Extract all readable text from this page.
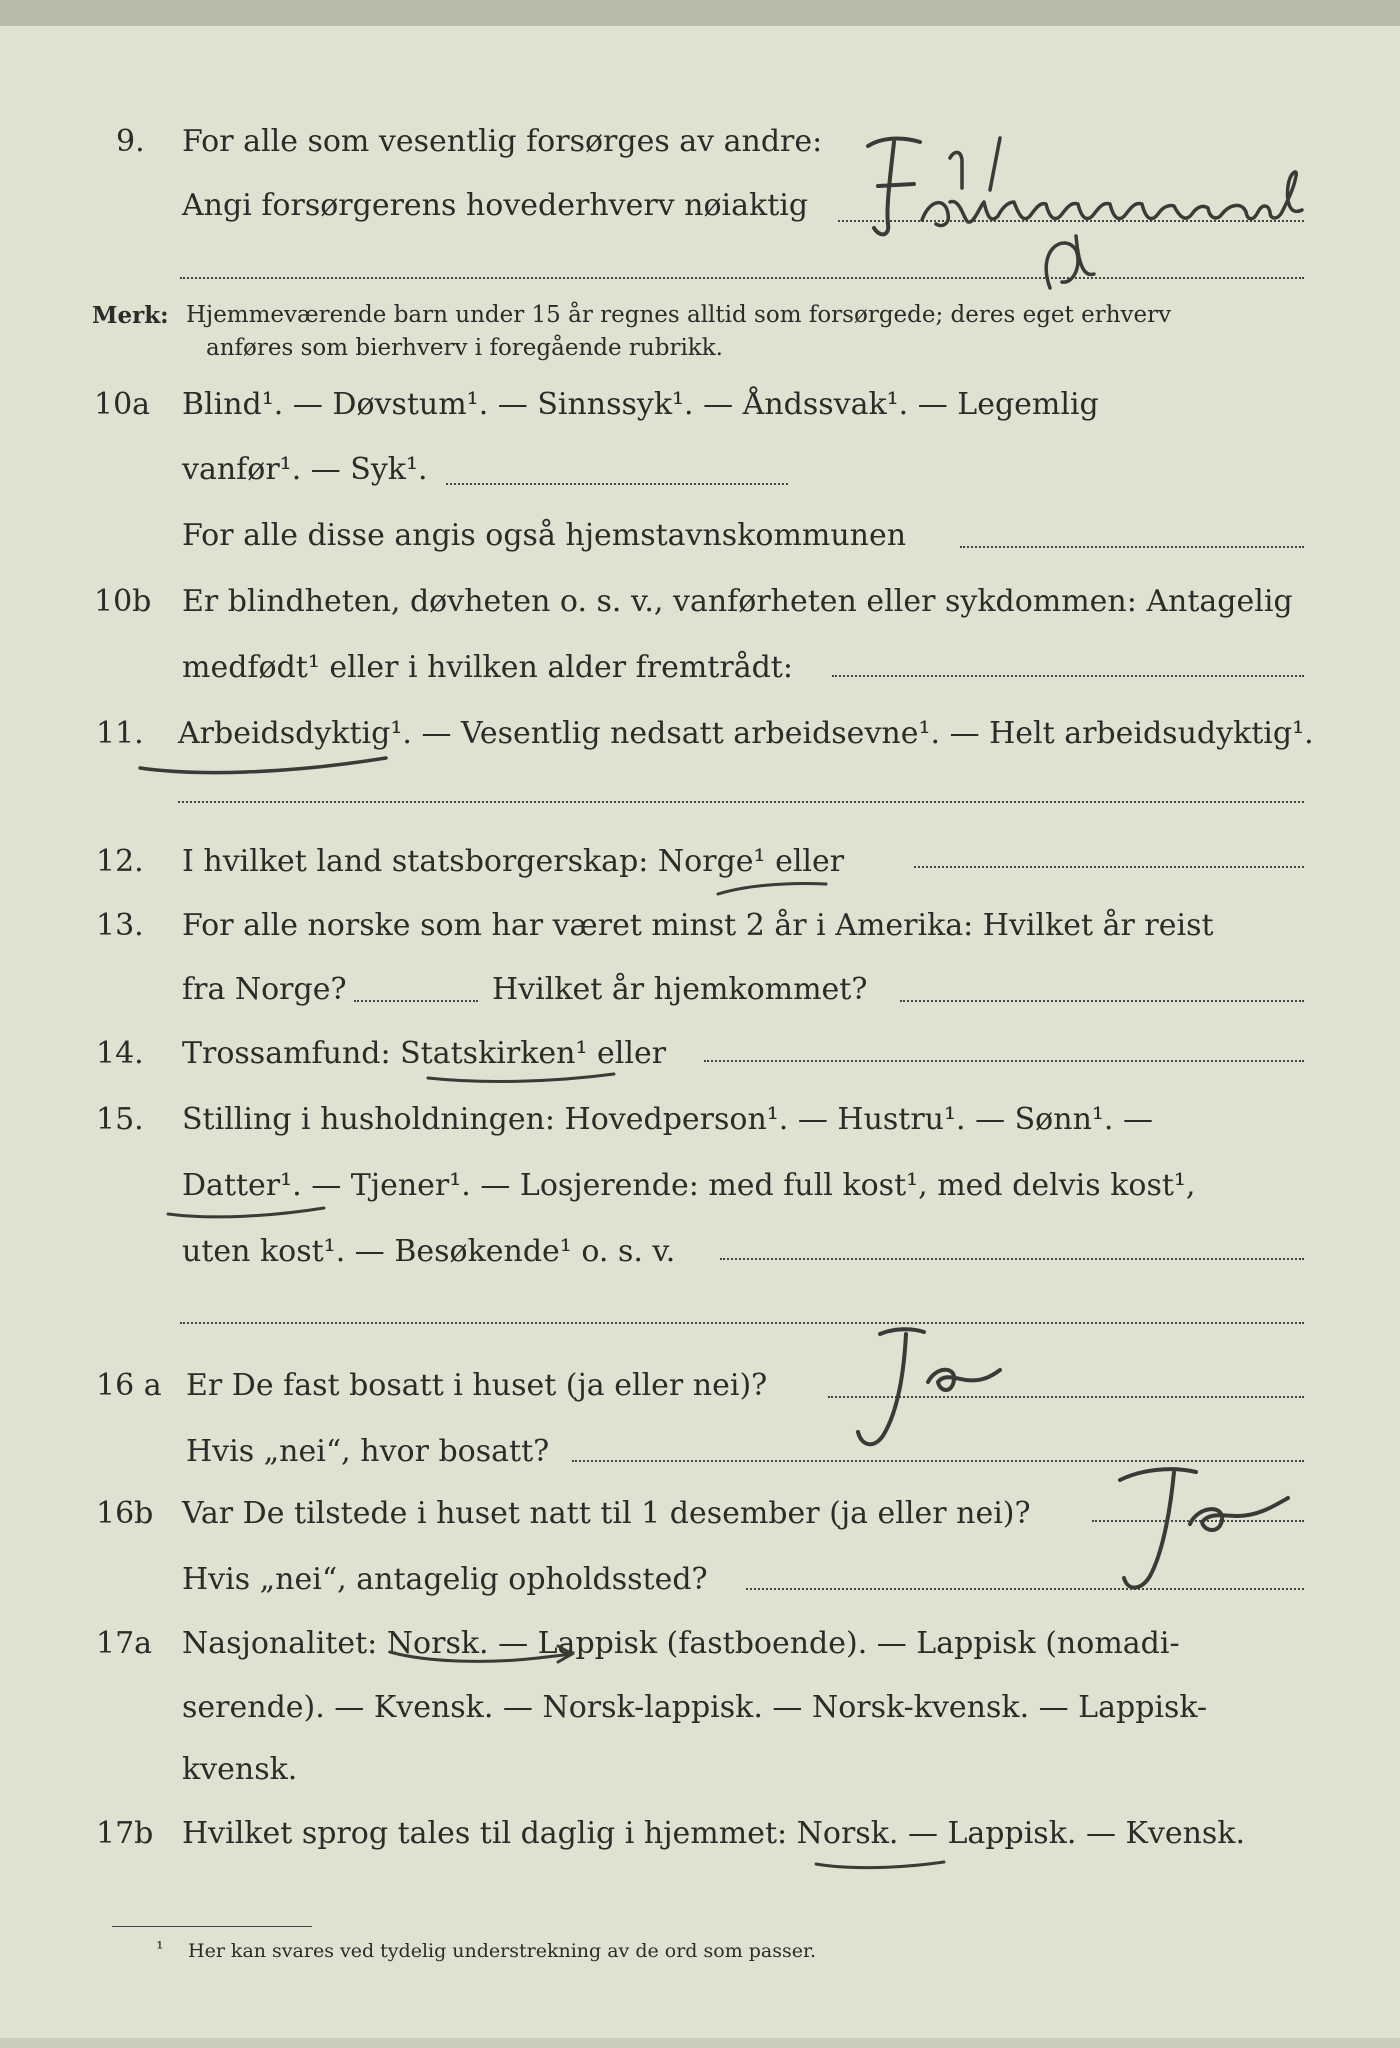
9. For alle som vesentlig forsørges av andre:
Angi forsørgerens hovederhverv nøiaktig
Tømmermand
Merk: Hjemmeværende barn under 15 år regnes alltid som forsørgede; deres eget erhverv
anføres som bierhverv i foregående rubrikk.
10a Blind¹. — Døvstum¹. — Sinnssyk¹. — Åndssvak¹. — Legemlig
vanfør¹. — Syk¹.
For alle disse angis også hjemstavnskommunen
10b Er blindheten, døvheten o. s. v., vanførheten eller sykdommen: Antagelig
medfødt¹ eller i hvilken alder fremtrådt:
11. Arbeidsdyktig¹. — Vesentlig nedsatt arbeidsevne¹. — Helt arbeidsudyktig¹.
12. I hvilket land statsborgerskap: Norge¹ eller
13. For alle norske som har været minst 2 år i Amerika: Hvilket år reist
fra Norge?	Hvilket år hjemkommet?
14. Trossamfund: Statskirken¹ eller
15. Stilling i husholdningen: Hovedperson¹. — Hustru¹. — Sønn¹. —
Datter¹. — Tjener¹. — Losjerende: med full kost¹, med delvis kost¹,
uten kost¹. — Besøkende¹ o. s. v.
16 a Er De fast bosatt i huset (ja eller nei)?
Hvis „nei“, hvor bosatt?
Ja
16b Var De tilstede i huset natt til 1 desember (ja eller nei)?
Hvis „nei“, antagelig opholdssted?
Ja
17a Nasjonalitet: Norsk. — Lappisk (fastboende). — Lappisk (nomadi-
serende). — Kvensk. — Norsk-lappisk. — Norsk-kvensk. — Lappisk-
kvensk.
17b Hvilket sprog tales til daglig i hjemmet: Norsk. — Lappisk. — Kvensk.
¹ Her kan svares ved tydelig understrekning av de ord som passer.
